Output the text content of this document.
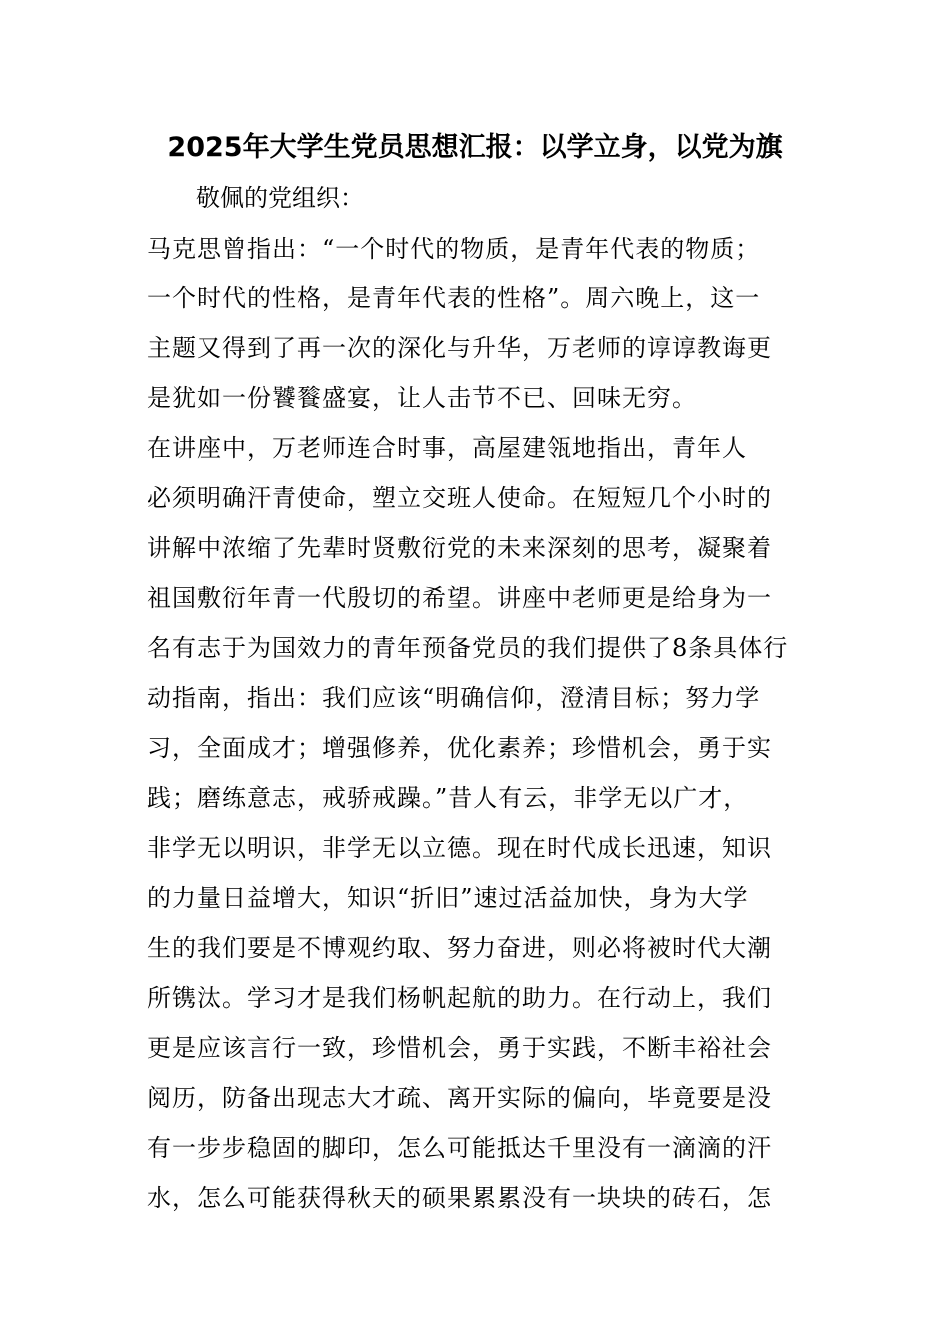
2025年大学生党员思想汇报：以学立身，以党为旗
敬佩的党组织：
马克思曾指出：“一个时代的物质，是青年代表的物质；
一个时代的性格，是青年代表的性格”。周六晚上，这一
主题又得到了再一次的深化与升华，万老师的谆谆教诲更
是犹如一份饕餮盛宴，让人击节不已、回味无穷。
在讲座中，万老师连合时事，高屋建瓴地指出，青年人
必须明确汗青使命，塑立交班人使命。在短短几个小时的
讲解中浓缩了先辈时贤敷衍党的未来深刻的思考，凝聚着
祖国敷衍年青一代殷切的希望。讲座中老师更是给身为一
名有志于为国效力的青年预备党员的我们提供了8条具体行
动指南，指出：我们应该“明确信仰，澄清目标；努力学
习，全面成才；增强修养，优化素养；珍惜机会，勇于实
践；磨练意志，戒骄戒躁。”昔人有云，非学无以广才，
非学无以明识，非学无以立德。现在时代成长迅速，知识
的力量日益增大，知识“折旧”速过活益加快，身为大学
生的我们要是不博观约取、努力奋进，则必将被时代大潮
所镌汰。学习才是我们杨帆起航的助力。在行动上，我们
更是应该言行一致，珍惜机会，勇于实践，不断丰裕社会
阅历，防备出现志大才疏、离开实际的偏向，毕竟要是没
有一步步稳固的脚印，怎么可能抵达千里没有一滴滴的汗
水，怎么可能获得秋天的硕果累累没有一块块的砖石，怎
